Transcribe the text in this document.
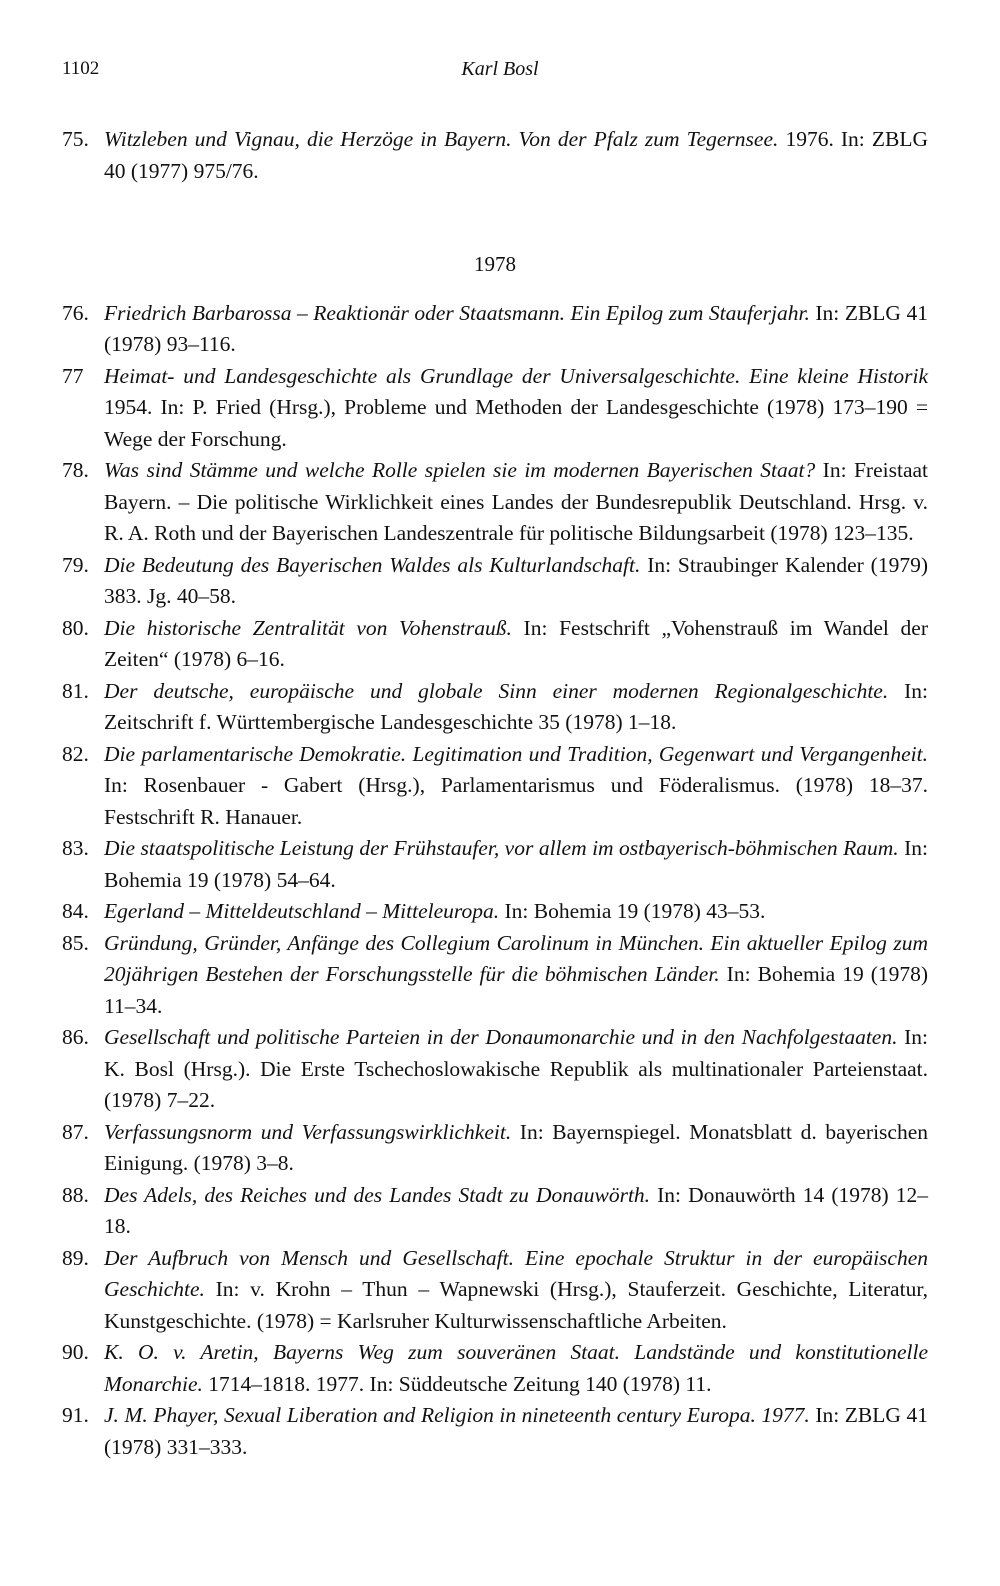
1102	Karl Bosl
75. Witzleben und Vignau, die Herzöge in Bayern. Von der Pfalz zum Tegernsee. 1976. In: ZBLG 40 (1977) 975/76.
1978
76. Friedrich Barbarossa – Reaktionär oder Staatsmann. Ein Epilog zum Stauferjahr. In: ZBLG 41 (1978) 93–116.
77 Heimat- und Landesgeschichte als Grundlage der Universalgeschichte. Eine kleine Historik 1954. In: P. Fried (Hrsg.), Probleme und Methoden der Landesgeschichte (1978) 173–190 = Wege der Forschung.
78. Was sind Stämme und welche Rolle spielen sie im modernen Bayerischen Staat? In: Freistaat Bayern. – Die politische Wirklichkeit eines Landes der Bundesrepublik Deutschland. Hrsg. v. R. A. Roth und der Bayerischen Landeszentrale für politische Bildungsarbeit (1978) 123–135.
79. Die Bedeutung des Bayerischen Waldes als Kulturlandschaft. In: Straubinger Kalender (1979) 383. Jg. 40–58.
80. Die historische Zentralität von Vohenstrauß. In: Festschrift „Vohenstrauß im Wandel der Zeiten“ (1978) 6–16.
81. Der deutsche, europäische und globale Sinn einer modernen Regionalgeschichte. In: Zeitschrift f. Württembergische Landesgeschichte 35 (1978) 1–18.
82. Die parlamentarische Demokratie. Legitimation und Tradition, Gegenwart und Vergangenheit. In: Rosenbauer - Gabert (Hrsg.), Parlamentarismus und Föderalismus. (1978) 18–37. Festschrift R. Hanauer.
83. Die staatspolitische Leistung der Frühstaufer, vor allem im ostbayerisch-böhmischen Raum. In: Bohemia 19 (1978) 54–64.
84. Egerland – Mitteldeutschland – Mitteleuropa. In: Bohemia 19 (1978) 43–53.
85. Gründung, Gründer, Anfänge des Collegium Carolinum in München. Ein aktueller Epilog zum 20jährigen Bestehen der Forschungsstelle für die böhmischen Länder. In: Bohemia 19 (1978) 11–34.
86. Gesellschaft und politische Parteien in der Donaumonarchie und in den Nachfolgestaaten. In: K. Bosl (Hrsg.). Die Erste Tschechoslowakische Republik als multinationaler Parteienstaat. (1978) 7–22.
87. Verfassungsnorm und Verfassungswirklichkeit. In: Bayernspiegel. Monatsblatt d. bayerischen Einigung. (1978) 3–8.
88. Des Adels, des Reiches und des Landes Stadt zu Donauwörth. In: Donauwörth 14 (1978) 12–18.
89. Der Aufbruch von Mensch und Gesellschaft. Eine epochale Struktur in der europäischen Geschichte. In: v. Krohn – Thun – Wapnewski (Hrsg.), Stauferzeit. Geschichte, Literatur, Kunstgeschichte. (1978) = Karlsruher Kulturwissenschaftliche Arbeiten.
90. K. O. v. Aretin, Bayerns Weg zum souveränen Staat. Landstände und konstitutionelle Monarchie. 1714–1818. 1977. In: Süddeutsche Zeitung 140 (1978) 11.
91. J. M. Phayer, Sexual Liberation and Religion in nineteenth century Europa. 1977. In: ZBLG 41 (1978) 331–333.
